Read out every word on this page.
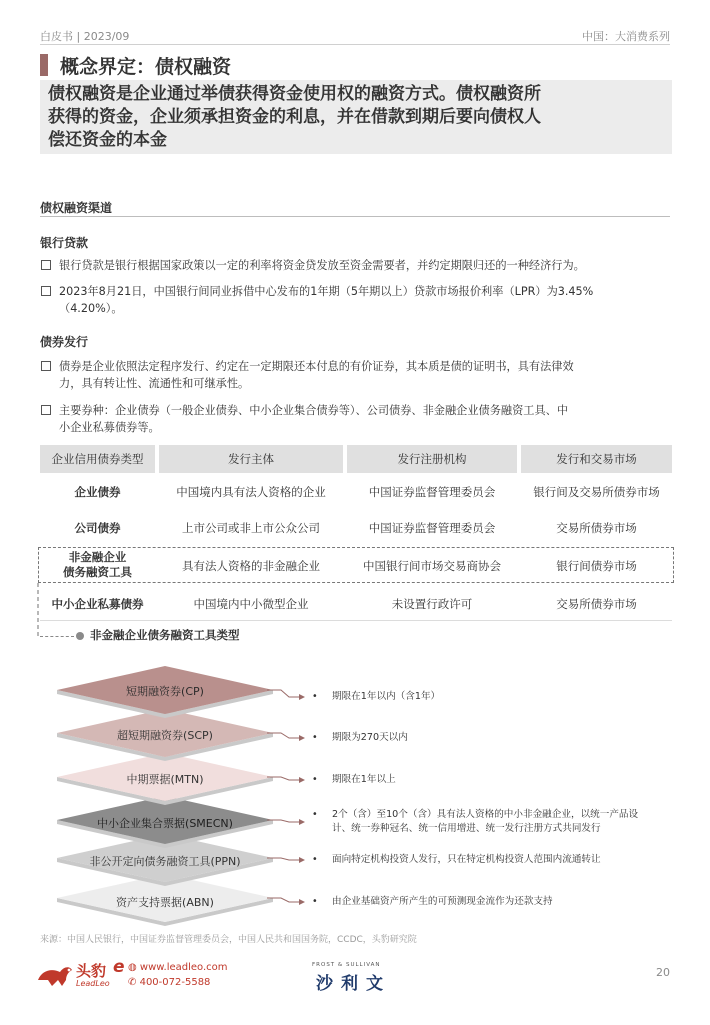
白皮书 | 2023/09	中国：大消费系列
概念界定：债权融资
债权融资是企业通过举债获得资金使用权的融资方式。债权融资所
获得的资金，企业须承担资金的利息，并在借款到期后要向债权人
偿还资金的本金
债权融资渠道
银行贷款
银行贷款是银行根据国家政策以一定的利率将资金贷发放至资金需要者，并约定期限归还的一种经济行为。
2023年8月21日，中国银行间同业拆借中心发布的1年期（5年期以上）贷款市场报价利率（LPR）为3.45%
（4.20%）。
债券发行
债券是企业依照法定程序发行、约定在一定期限还本付息的有价证券，其本质是债的证明书，具有法律效
力，具有转让性、流通性和可继承性。
主要券种：企业债券（一般企业债券、中小企业集合债券等）、公司债券、非金融企业债务融资工具、中
小企业私募债券等。
企业信用债券类型	发行主体	发行注册机构	发行和交易市场
企业债券	中国境内具有法人资格的企业	中国证券监督管理委员会	银行间及交易所债券市场
公司债券	上市公司或非上市公众公司	中国证券监督管理委员会	交易所债券市场
非金融企业
债务融资工具	具有法人资格的非金融企业	中国银行间市场交易商协会	银行间债券市场
中小企业私募债券	中国境内中小微型企业	未设置行政许可	交易所债券市场
非金融企业债务融资工具类型
短期融资券(CP)
超短期融资券(SCP)
中期票据(MTN)
中小企业集合票据(SMECN)
非公开定向债务融资工具(PPN)
资产支持票据(ABN)
•	期限在1年以内（含1年）
•	期限为270天以内
•	期限在1年以上
•	2个（含）至10个（含）具有法人资格的中小非金融企业，以统一产品设
计、统一券种冠名、统一信用增进、统一发行注册方式共同发行
•	面向特定机构投资人发行，只在特定机构投资人范围内流通转让
•	由企业基础资产所产生的可预测现金流作为还款支持
来源：中国人民银行，中国证券监督管理委员会，中国人民共和国国务院，CCDC，头豹研究院
头豹 e
LeadLeo
◍ www.leadleo.com
✆ 400-072-5588
FROST & SULLIVAN
沙利文
20
